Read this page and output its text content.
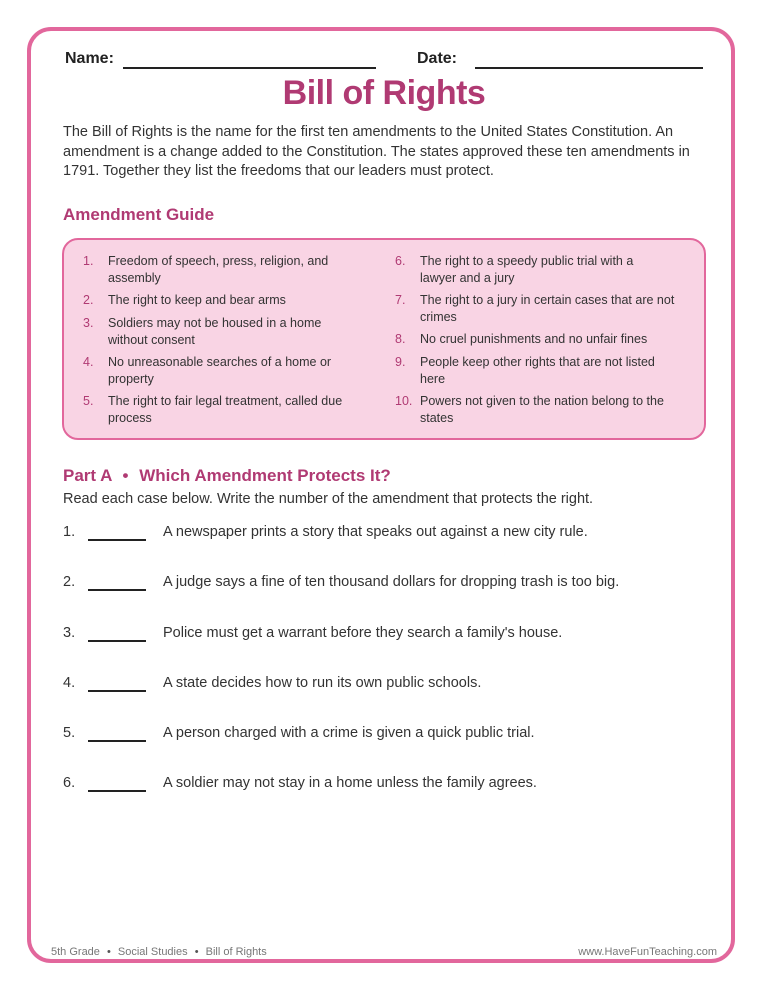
Name:	Date:
Bill of Rights
The Bill of Rights is the name for the first ten amendments to the United States Constitution. An amendment is a change added to the Constitution. The states approved these ten amendments in 1791. Together they list the freedoms that our leaders must protect.
Amendment Guide
1. Freedom of speech, press, religion, and assembly
2. The right to keep and bear arms
3. Soldiers may not be housed in a home without consent
4. No unreasonable searches of a home or property
5. The right to fair legal treatment, called due process
6. The right to a speedy public trial with a lawyer and a jury
7. The right to a jury in certain cases that are not crimes
8. No cruel punishments and no unfair fines
9. People keep other rights that are not listed here
10. Powers not given to the nation belong to the states
Part A • Which Amendment Protects It?
Read each case below. Write the number of the amendment that protects the right.
1.	A newspaper prints a story that speaks out against a new city rule.
2.	A judge says a fine of ten thousand dollars for dropping trash is too big.
3.	Police must get a warrant before they search a family's house.
4.	A state decides how to run its own public schools.
5.	A person charged with a crime is given a quick public trial.
6.	A soldier may not stay in a home unless the family agrees.
5th Grade • Social Studies • Bill of Rights	www.HaveFunTeaching.com
